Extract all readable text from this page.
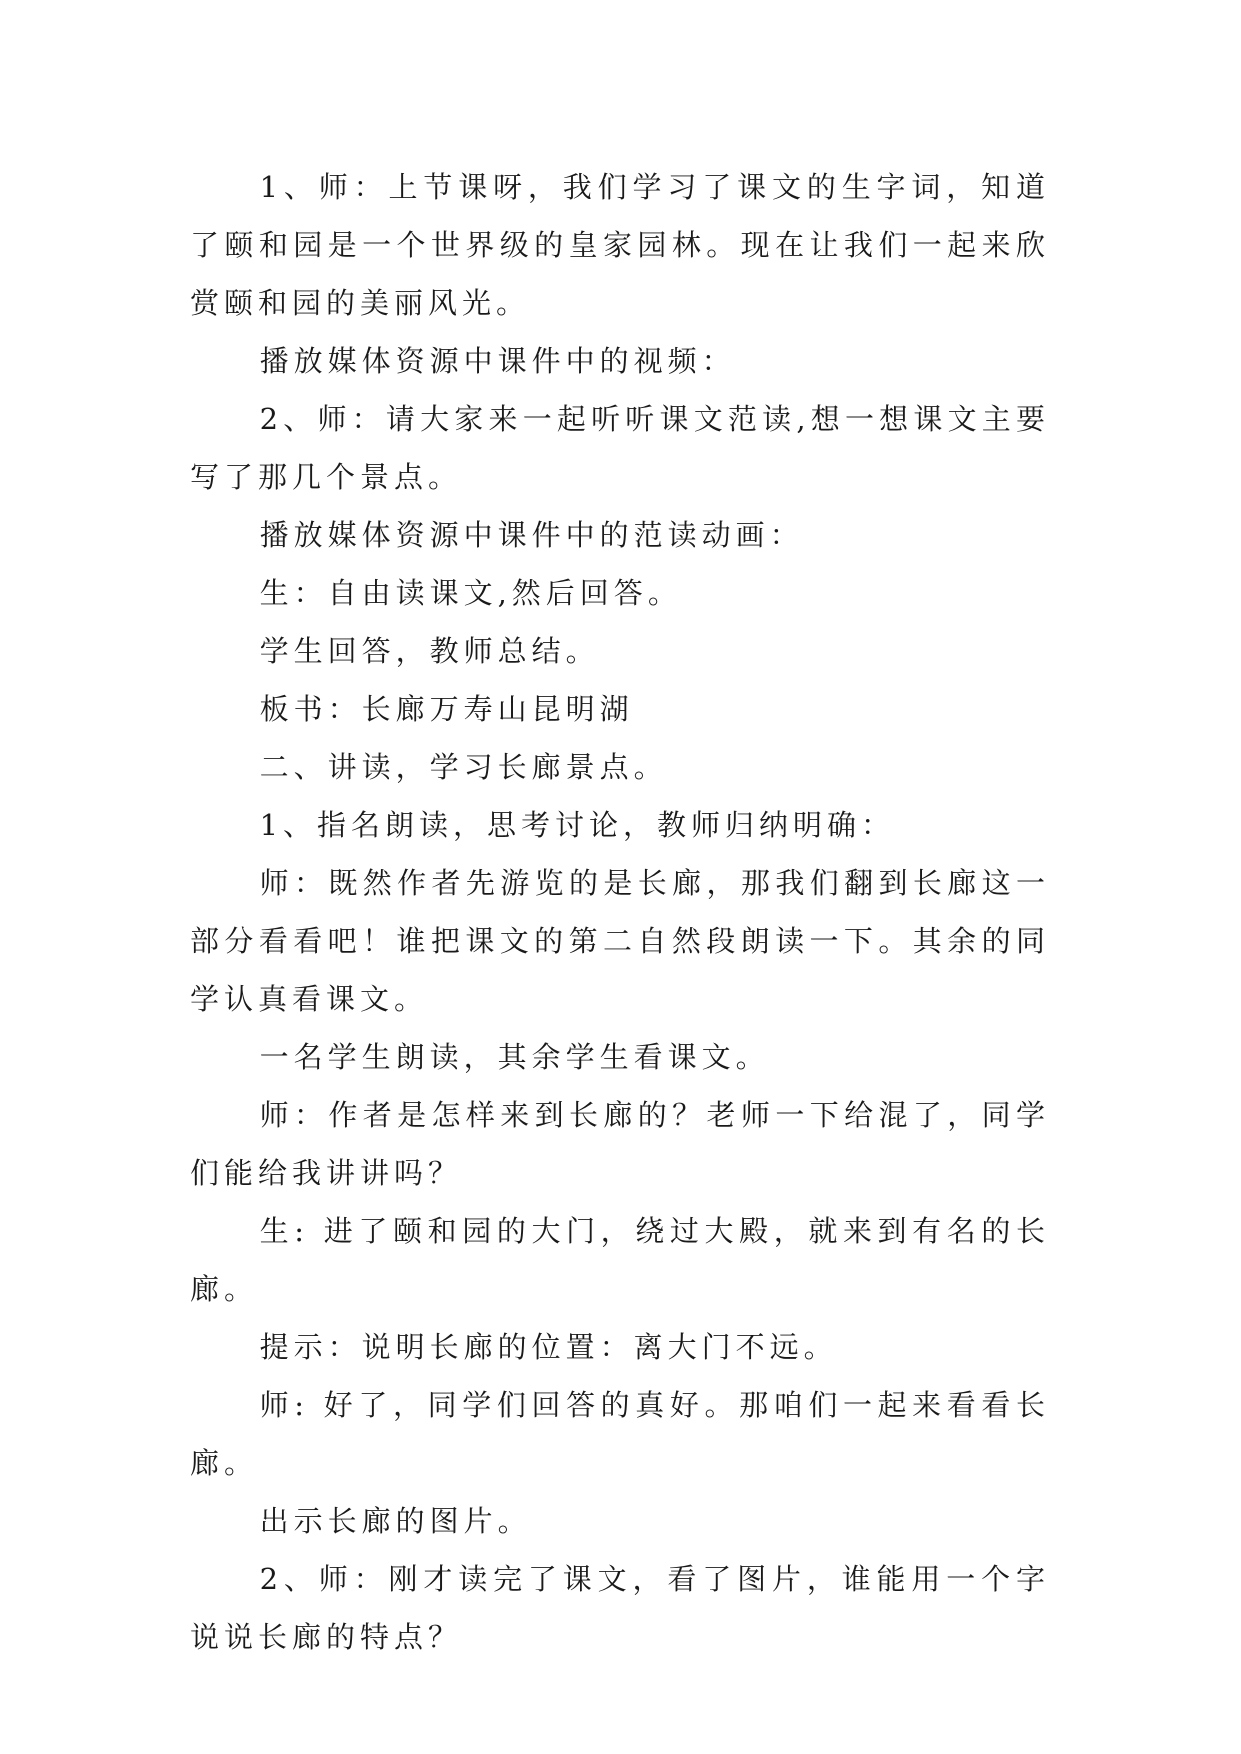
1、师：上节课呀，我们学习了课文的生字词，知道了颐和园是一个世界级的皇家园林。现在让我们一起来欣赏颐和园的美丽风光。

播放媒体资源中课件中的视频：

2、师：请大家来一起听听课文范读,想一想课文主要写了那几个景点。

播放媒体资源中课件中的范读动画：

生：自由读课文,然后回答。

学生回答，教师总结。

板书：长廊万寿山昆明湖

二、讲读，学习长廊景点。

1、指名朗读，思考讨论，教师归纳明确：

师：既然作者先游览的是长廊，那我们翻到长廊这一部分看看吧！谁把课文的第二自然段朗读一下。其余的同学认真看课文。

一名学生朗读，其余学生看课文。

师：作者是怎样来到长廊的？老师一下给混了，同学们能给我讲讲吗？

生: 进了颐和园的大门，绕过大殿，就来到有名的长廊。

提示：说明长廊的位置：离大门不远。

师: 好了，同学们回答的真好。那咱们一起来看看长廊。

出示长廊的图片。

2、师：刚才读完了课文，看了图片，谁能用一个字说说长廊的特点？
